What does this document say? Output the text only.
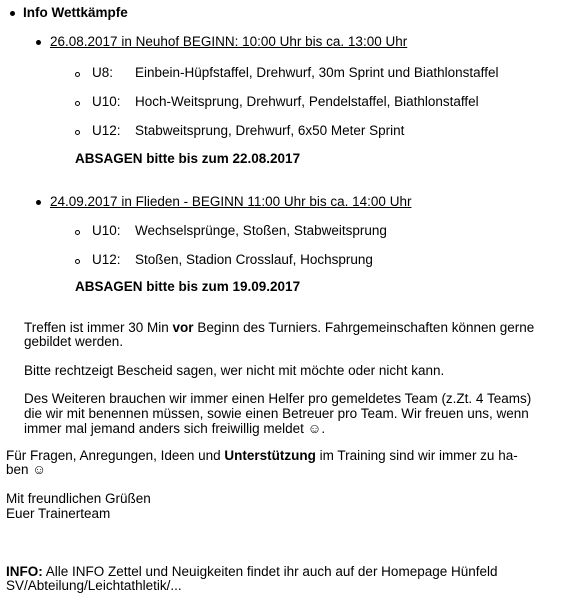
Info Wettkämpfe
26.08.2017 in Neuhof BEGINN: 10:00 Uhr bis ca. 13:00 Uhr
U8: Einbein-Hüpfstaffel, Drehwurf, 30m Sprint und Biathlonstaffel
U10: Hoch-Weitsprung, Drehwurf, Pendelstaffel, Biathlonstaffel
U12: Stabweitsprung, Drehwurf, 6x50 Meter Sprint
ABSAGEN bitte bis zum 22.08.2017
24.09.2017 in Flieden - BEGINN 11:00 Uhr bis ca. 14:00 Uhr
U10: Wechselsprünge, Stoßen, Stabweitsprung
U12: Stoßen, Stadion Crosslauf, Hochsprung
ABSAGEN bitte bis zum 19.09.2017
Treffen ist immer 30 Min vor Beginn des Turniers. Fahrgemeinschaften können gerne
gebildet werden.
Bitte rechtzeigt Bescheid sagen, wer nicht mit möchte oder nicht kann.
Des Weiteren brauchen wir immer einen Helfer pro gemeldetes Team (z.Zt. 4 Teams)
die wir mit benennen müssen, sowie einen Betreuer pro Team. Wir freuen uns, wenn
immer mal jemand anders sich freiwillig meldet ☺.
Für Fragen, Anregungen, Ideen und Unterstützung im Training sind wir immer zu ha-
ben ☺
Mit freundlichen Grüßen
Euer Trainerteam
INFO: Alle INFO Zettel und Neuigkeiten findet ihr auch auf der Homepage Hünfeld
SV/Abteilung/Leichtathletik/...
